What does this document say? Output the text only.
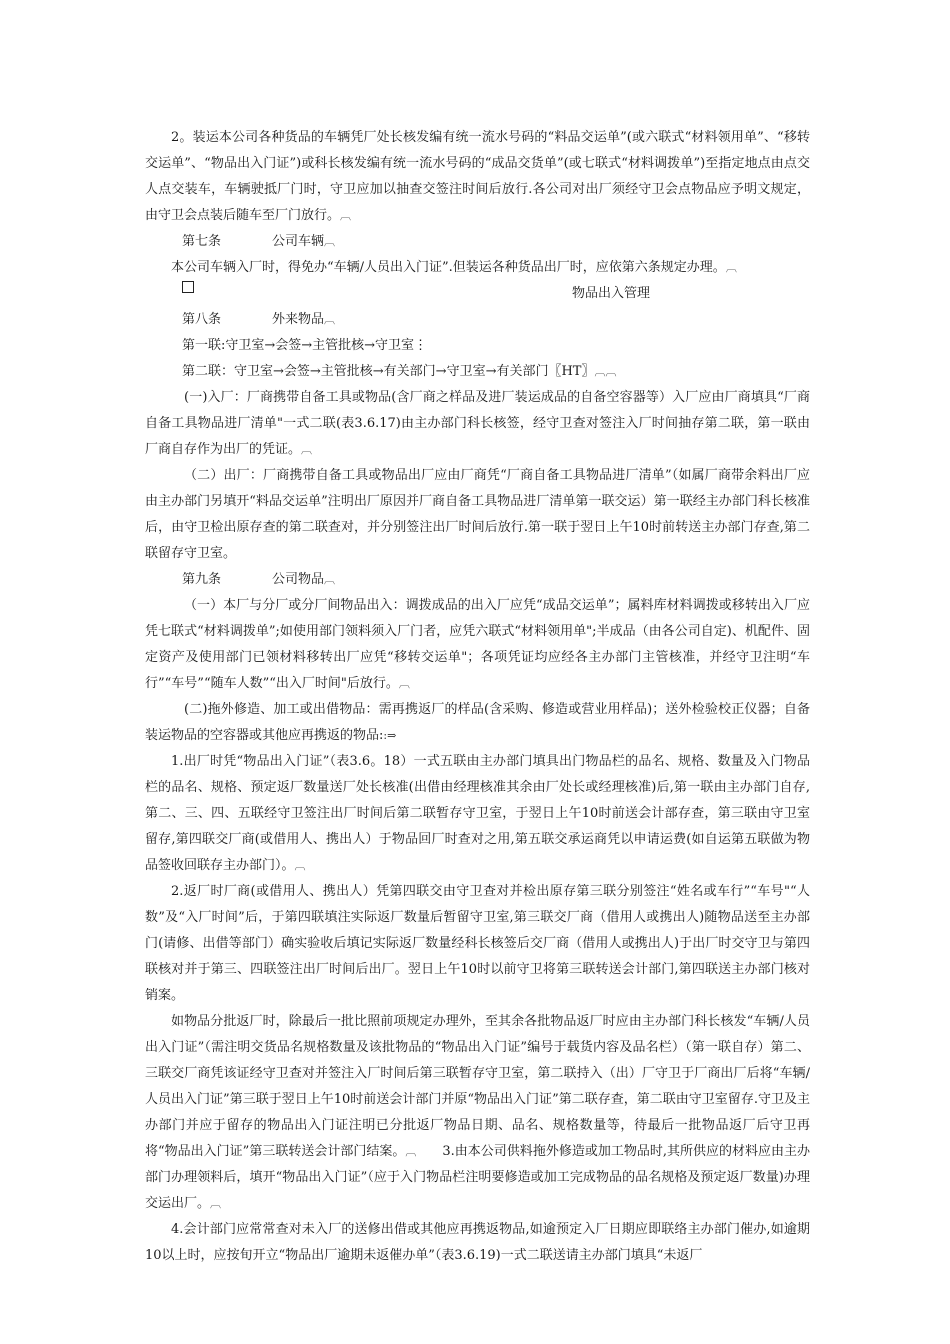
2。装运本公司各种货品的车辆凭厂处长核发编有统一流水号码的“料品交运单”(或六联式“材料领用单”、“移转交运单”、“物品出入门证”)或科长核发编有统一流水号码的“成品交货单”(或七联式“材料调拨单”)至指定地点由点交人点交装车，车辆驶抵厂门时，守卫应加以抽查交签注时间后放行.各公司对出厂须经守卫会点物品应予明文规定，由守卫会点装后随车至厂门放行。︹

第七条	公司车辆 ︹

本公司车辆入厂时，得免办“车辆/人员出入门证”.但装运各种货品出厂时，应依第六条规定办理。︹

物品出入管理
第八条	外来物品 ︹

第一联:守卫室→会签→主管批核→守卫室⋮

第二联：守卫室→会签→主管批核→有关部门→守卫室→有关部门〖HT〗︹︹

(一)入厂：厂商携带自备工具或物品(含厂商之样品及进厂装运成品的自备空容器等）入厂应由厂商填具“厂商自备工具物品进厂清单"一式二联(表3.6.17)由主办部门科长核签，经守卫查对签注入厂时间抽存第二联，第一联由厂商自存作为出厂的凭证。︹

（二）出厂：厂商携带自备工具或物品出厂应由厂商凭“厂商自备工具物品进厂清单”（如属厂商带余料出厂应由主办部门另填开“料品交运单”注明出厂原因并厂商自备工具物品进厂清单第一联交运）第一联经主办部门科长核准后，由守卫检出原存查的第二联查对，并分别签注出厂时间后放行.第一联于翌日上午10时前转送主办部门存查,第二联留存守卫室。

第九条	公司物品 ︹

（一）本厂与分厂或分厂间物品出入：调拨成品的出入厂应凭“成品交运单”；属料库材料调拨或移转出入厂应凭七联式“材料调拨单”;如使用部门领料须入厂门者，应凭六联式“材料领用单";半成品（由各公司自定)、机配件、固定资产及使用部门已领材料移转出厂应凭“移转交运单"；各项凭证均应经各主办部门主管核准，并经守卫注明“车行”“车号”“随车人数”“出入厂时间"后放行。︹

(二)拖外修造、加工或出借物品：需再携返厂的样品(含采购、修造或营业用样品)；送外检验校正仪器；自备装运物品的空容器或其他应再携返的物品::⇒

1.出厂时凭“物品出入门证”（表3.6。18）一式五联由主办部门填具出门物品栏的品名、规格、数量及入门物品栏的品名、规格、预定返厂数量送厂处长核准(出借由经理核准其余由厂处长或经理核准)后,第一联由主办部门自存,第二、三、四、五联经守卫签注出厂时间后第二联暂存守卫室，于翌日上午10时前送会计部存查，第三联由守卫室留存,第四联交厂商(或借用人、携出人）于物品回厂时查对之用,第五联交承运商凭以申请运费(如自运第五联做为物品签收回联存主办部门）。︹

2.返厂时厂商(或借用人、携出人）凭第四联交由守卫查对并检出原存第三联分别签注“姓名或车行”“车号"“人数”及“入厂时间”后，于第四联填注实际返厂数量后暂留守卫室,第三联交厂商（借用人或携出人)随物品送至主办部门(请修、出借等部门）确实验收后填记实际返厂数量经科长核签后交厂商（借用人或携出人)于出厂时交守卫与第四联核对并于第三、四联签注出厂时间后出厂。翌日上午10时以前守卫将第三联转送会计部门,第四联送主办部门核对销案。

如物品分批返厂时，除最后一批比照前项规定办理外，至其余各批物品返厂时应由主办部门科长核发“车辆/人员出入门证”（需注明交货品名规格数量及该批物品的“物品出入门证”编号于载货内容及品名栏）（第一联自存）第二、三联交厂商凭该证经守卫查对并签注入厂时间后第三联暂存守卫室，第二联持入（出）厂守卫于厂商出厂后将“车辆/人员出入门证”第三联于翌日上午10时前送会计部门并原“物品出入门证”第二联存查，第二联由守卫室留存.守卫及主办部门并应于留存的物品出入门证注明已分批返厂物品日期、品名、规格数量等，待最后一批物品返厂后守卫再将“物品出入门证”第三联转送会计部门结案。︹　　 3.由本公司供料拖外修造或加工物品时,其所供应的材料应由主办部门办理领料后，填开“物品出入门证”（应于入门物品栏注明要修造或加工完成物品的品名规格及预定返厂数量)办理交运出厂。︹

4.会计部门应常常查对未入厂的送修出借或其他应再携返物品,如逾预定入厂日期应即联络主办部门催办,如逾期10以上时，应按旬开立“物品出厂逾期未返催办单”（表3.6.19)一式二联送请主办部门填具“未返厂
